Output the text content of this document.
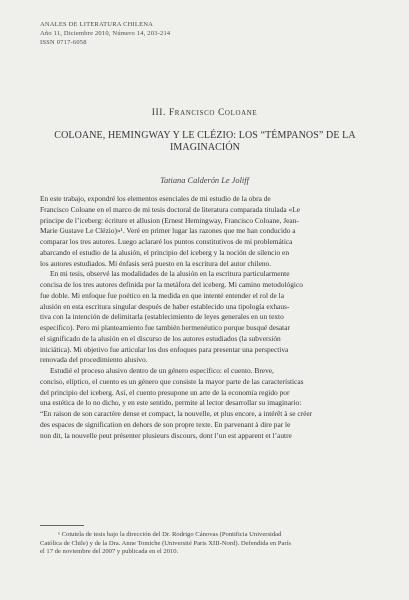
ANALES DE LITERATURA CHILENA
Año 11, Diciembre 2010, Número 14, 203-214
ISSN 0717-6058
III. Francisco Coloane
COLOANE, HEMINGWAY Y LE CLÉZIO: LOS “TÉMPANOS” DE LA
IMAGINACIÓN
Tatiana Calderón Le Joliff
En este trabajo, expondré los elementos esenciales de mi estudio de la obra de
Francisco Coloane en el marco de mi tesis doctoral de literatura comparada titulada «Le
principe de l’iceberg: écriture et allusion (Ernest Hemingway, Francisco Coloane, Jean-
Marie Gustave Le Clézio)»¹. Veré en primer lugar las razones que me han conducido a
comparar los tres autores. Luego aclararé los puntos constitutivos de mi problemática
abarcando el estudio de la alusión, el principio del iceberg y la noción de silencio en
los autores estudiados. Mi énfasis será puesto en la escritura del autor chileno.
En mi tesis, observé las modalidades de la alusión en la escritura particularmente
concisa de los tres autores definida por la metáfora del iceberg. Mi camino metodológico
fue doble. Mi enfoque fue poético en la medida en que intenté entender el rol de la
alusión en esta escritura singular después de haber establecido una tipología exhaus-
tiva con la intención de delimitarla (establecimiento de leyes generales en un texto
específico). Pero mi planteamiento fue también hermenéutico porque busqué desatar
el significado de la alusión en el discurso de los autores estudiados (la subversión
iniciática). Mi objetivo fue articular los dos enfoques para presentar una perspectiva
renovada del procedimiento alusivo.
Estudié el proceso alusivo dentro de un género específico: el cuento. Breve,
conciso, elíptico, el cuento es un género que consiste la mayor parte de las características
del principio del iceberg. Así, el cuento presupone un arte de la economía regido por
una estética de lo no dicho, y en este sentido, permite al lector desarrollar su imaginario:
“En raison de son caractère dense et compact, la nouvelle, et plus encore, a intérêt à se créer
des espaces de signification en dehors de son propre texte. En parvenant à dire par le
non dit, la nouvelle peut présenter plusieurs discours, dont l’un est apparent et l’autre
¹ Cotutela de tesis bajo la dirección del Dr. Rodrigo Cánovas (Pontificia Universidad
Católica de Chile) y de la Dra. Anne Tomiche (Université Paris XIII-Nord). Defendida en París
el 17 de noviembre del 2007 y publicada en el 2010.
